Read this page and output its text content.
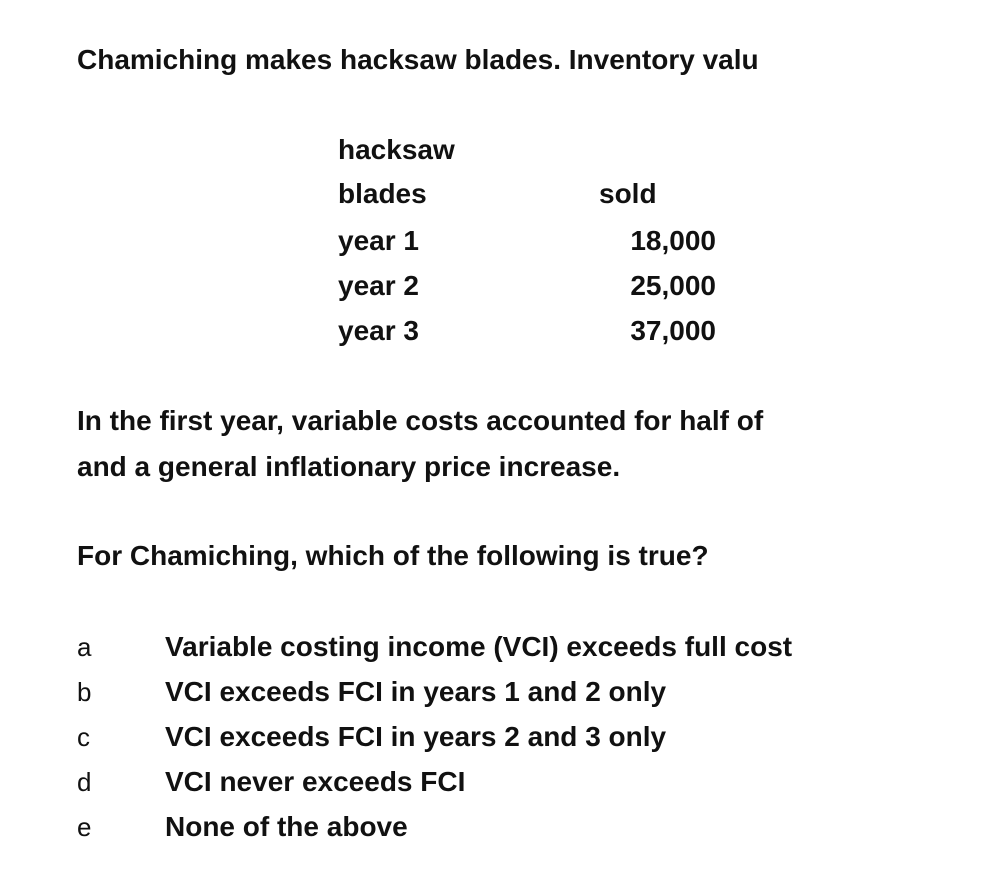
Chamiching makes hacksaw blades. Inventory valu
hacksaw
blades	sold
year 1	18,000
year 2	25,000
year 3	37,000
In the first year, variable costs accounted for half of
and a general inflationary price increase.
For Chamiching, which of the following is true?
a	Variable costing income (VCI) exceeds full cost
b	VCI exceeds FCI in years 1 and 2 only
c	VCI exceeds FCI in years 2 and 3 only
d	VCI never exceeds FCI
e	None of the above
